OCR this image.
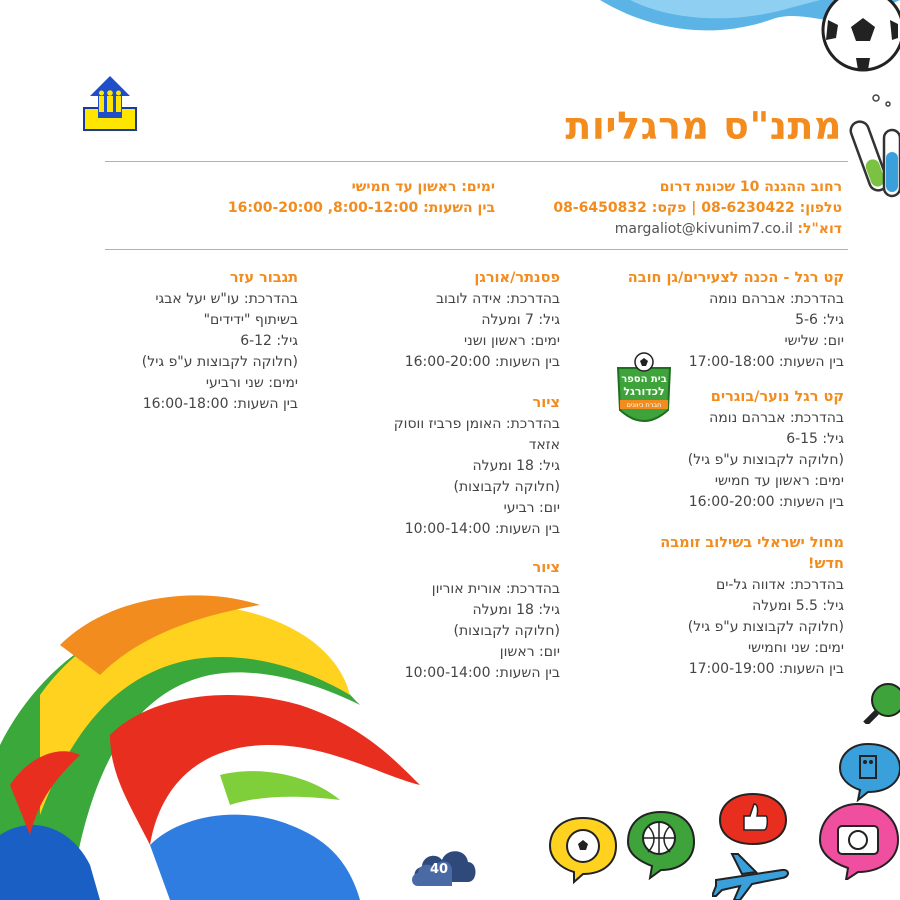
מתנ"ס מרגליות
רחוב ההגנה 10 שכונת דרום
טלפון: 08-6230422 | פקס: 08-6450832
דוא"ל: margaliot@kivunim7.co.il
ימים: ראשון עד חמישי
בין השעות: 8:00-12:00, 16:00-20:00
קט רגל - הכנה לצעירים/גן חובה
בהדרכת: אברהם נומה
גיל: 5-6
יום: שלישי
בין השעות: 17:00-18:00
קט רגל נוער/בוגרים
בהדרכת: אברהם נומה
גיל: 6-15
(חלוקה לקבוצות ע"פ גיל)
ימים: ראשון עד חמישי
בין השעות: 16:00-20:00
מחול ישראלי בשילוב זומבה חדש!
בהדרכת: אדווה גל-ים
גיל: 5.5 ומעלה
(חלוקה לקבוצות ע"פ גיל)
ימים: שני וחמישי
בין השעות: 17:00-19:00
בית הספר
לכדורגל
חברת כיוונים
פסנתר/אורגן
בהדרכת: אידה לובוב
גיל: 7 ומעלה
ימים: ראשון ושני
בין השעות: 16:00-20:00
ציור
בהדרכת: האומן פרביז ווסוק אזאד
גיל: 18 ומעלה
(חלוקה לקבוצות)
יום: רביעי
בין השעות: 10:00-14:00
ציור
בהדרכת: אורית אוריון
גיל: 18 ומעלה
(חלוקה לקבוצות)
יום: ראשון
בין השעות: 10:00-14:00
תגבור עזר
בהדרכת: עו"ש יעל אבגי
בשיתוף "ידידים"
גיל: 6-12
(חלוקה לקבוצות ע"פ גיל)
ימים: שני ורביעי
בין השעות: 16:00-18:00
40
